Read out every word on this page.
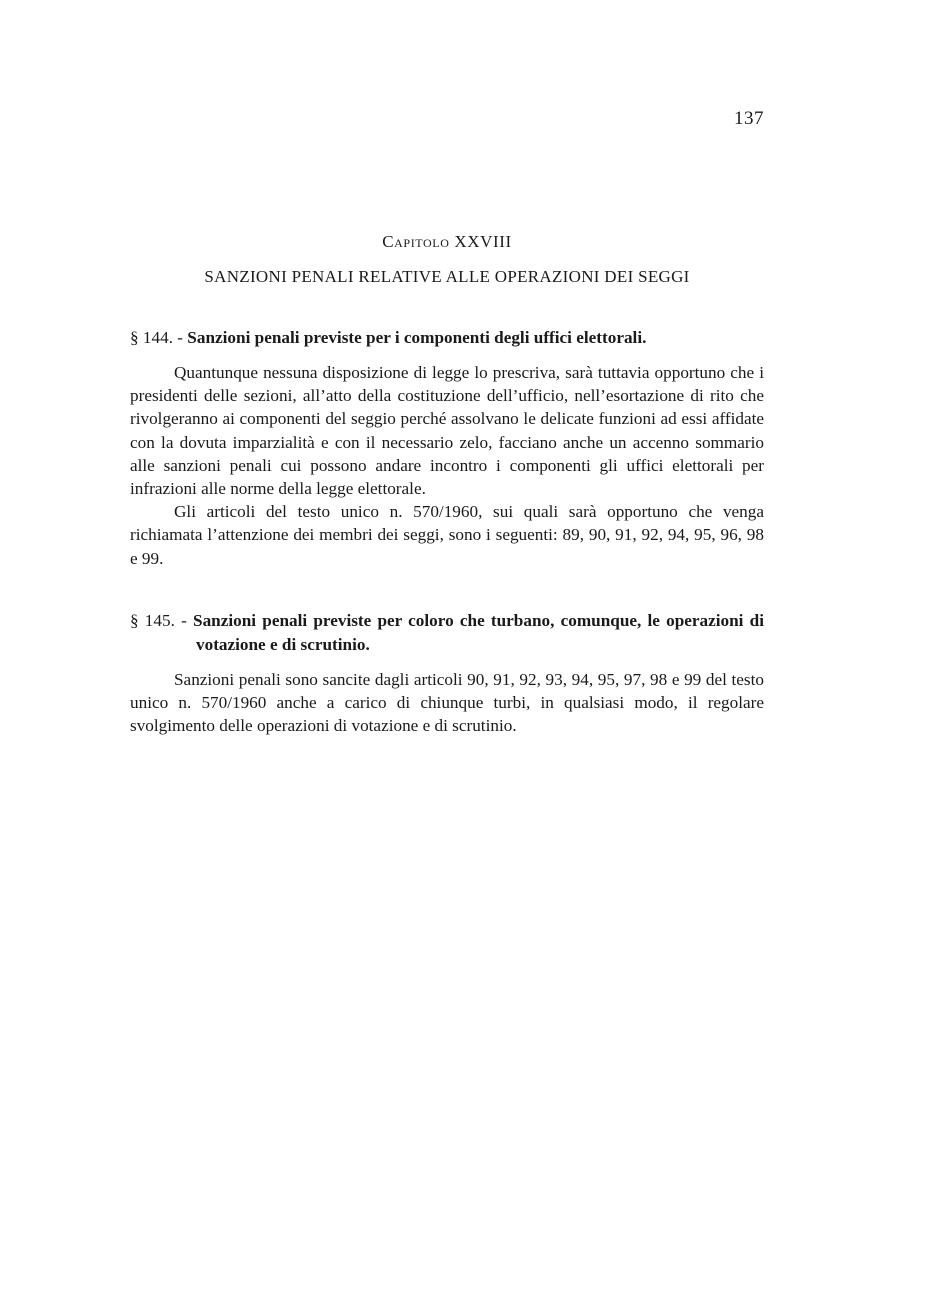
137
Capitolo XXVIII
SANZIONI PENALI RELATIVE ALLE OPERAZIONI DEI SEGGI
§ 144. - Sanzioni penali previste per i componenti degli uffici elettorali.

Quantunque nessuna disposizione di legge lo prescriva, sarà tuttavia opportuno che i presidenti delle sezioni, all’atto della costituzione dell’ufficio, nell’esortazione di rito che rivolgeranno ai componenti del seggio perché assolvano le delicate funzioni ad essi affidate con la dovuta imparzialità e con il necessario zelo, facciano anche un accenno sommario alle sanzioni penali cui possono andare incontro i componenti gli uffici elettorali per infrazioni alle norme della legge elettorale.

Gli articoli del testo unico n. 570/1960, sui quali sarà opportuno che venga richiamata l’attenzione dei membri dei seggi, sono i seguenti: 89, 90, 91, 92, 94, 95, 96, 98 e 99.

§ 145. - Sanzioni penali previste per coloro che turbano, comunque, le operazioni di votazione e di scrutinio.

Sanzioni penali sono sancite dagli articoli 90, 91, 92, 93, 94, 95, 97, 98 e 99 del testo unico n. 570/1960 anche a carico di chiunque turbi, in qualsiasi modo, il regolare svolgimento delle operazioni di votazione e di scrutinio.
